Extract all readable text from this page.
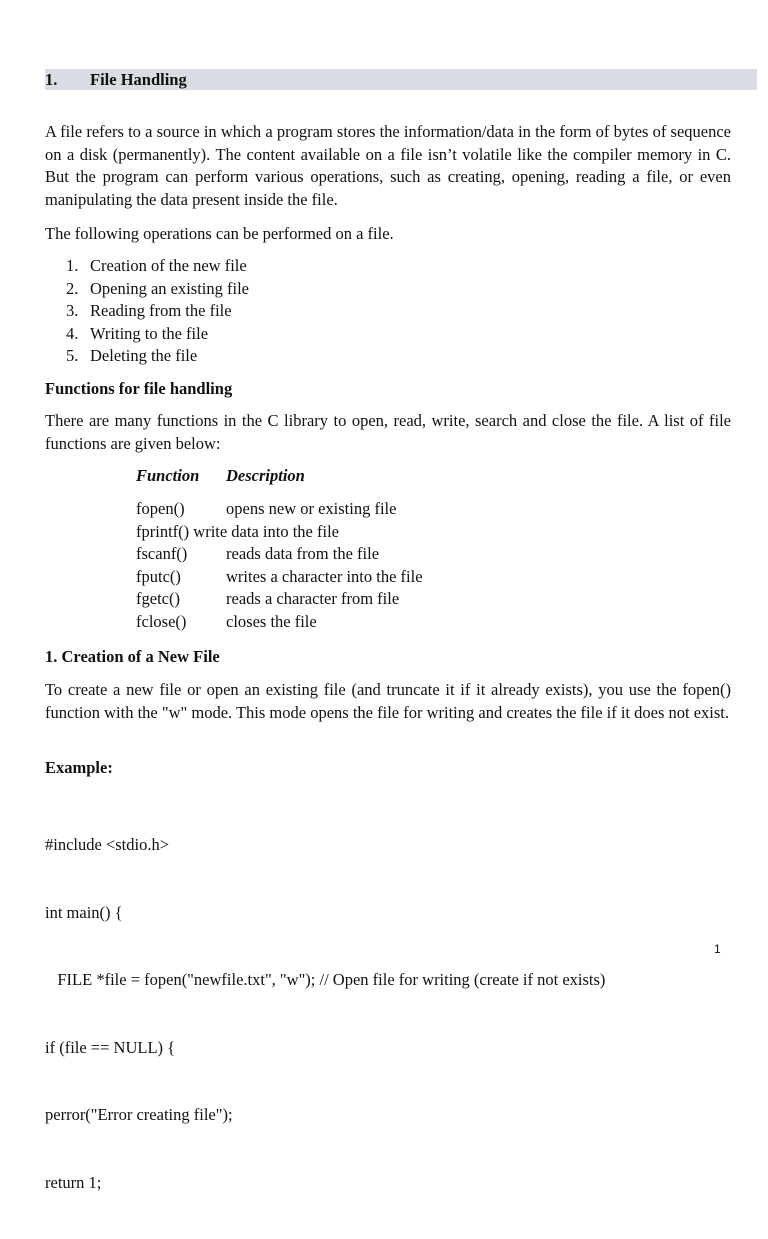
1. File Handling

A file refers to a source in which a program stores the information/data in the form of bytes of sequence on a disk (permanently). The content available on a file isn’t volatile like the compiler memory in C. But the program can perform various operations, such as creating, opening, reading a file, or even manipulating the data present inside the file.

The following operations can be performed on a file.

1. Creation of the new file
2. Opening an existing file
3. Reading from the file
4. Writing to the file
5. Deleting the file

Functions for file handling

There are many functions in the C library to open, read, write, search and close the file. A list of file functions are given below:

Function Description
fopen()	opens new or existing file
fprintf() write data into the file
fscanf() reads data from the file
fputc()	writes a character into the file
fgetc()	reads a character from file
fclose() closes the file

1. Creation of a New File

To create a new file or open an existing file (and truncate it if it already exists), you use the fopen() function with the "w" mode. This mode opens the file for writing and creates the file if it does not exist.

Example:

#include <stdio.h>

int main() {

FILE *file = fopen("newfile.txt", "w"); // Open file for writing (create if not exists)

if (file == NULL) {

perror("Error creating file");

return 1;

1
